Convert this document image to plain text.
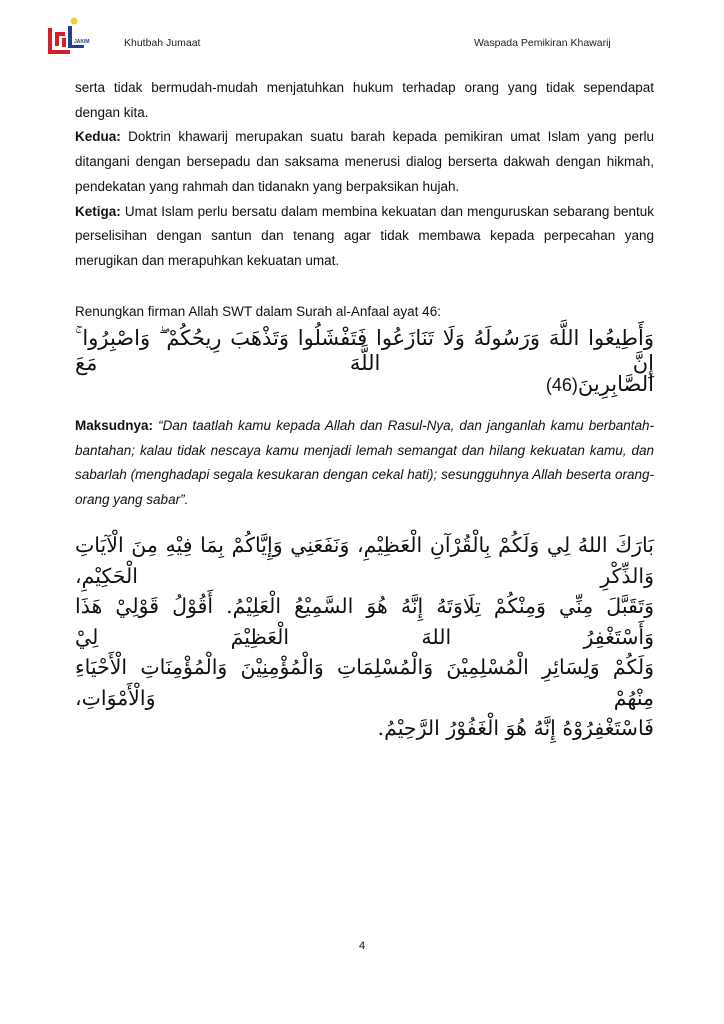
JAKIM	Khutbah Jumaat	Waspada Pemikiran Khawarij

serta tidak bermudah-mudah menjatuhkan hukum terhadap orang yang tidak sependapat dengan kita.

Kedua: Doktrin khawarij merupakan suatu barah kepada pemikiran umat Islam yang perlu ditangani dengan bersepadu dan saksama menerusi dialog berserta dakwah dengan hikmah, pendekatan yang rahmah dan tidanakn yang berpaksikan hujah.

Ketiga: Umat Islam perlu bersatu dalam membina kekuatan dan menguruskan sebarang bentuk perselisihan dengan santun dan tenang agar tidak membawa kepada perpecahan yang merugikan dan merapuhkan kekuatan umat.

Renungkan firman Allah SWT dalam Surah al-Anfaal ayat 46:
وَأَطِيعُوا اللَّهَ وَرَسُولَهُ وَلَا تَنَازَعُوا فَتَفْشَلُوا وَتَذْهَبَ رِيحُكُمْ ۖ وَاصْبِرُوا ۚ إِنَّ اللَّهَ مَعَ
الصَّابِرِينَ(46)
Maksudnya: “Dan taatlah kamu kepada Allah dan Rasul-Nya, dan janganlah kamu berbantah-bantahan; kalau tidak nescaya kamu menjadi lemah semangat dan hilang kekuatan kamu, dan sabarlah (menghadapi segala kesukaran dengan cekal hati); sesungguhnya Allah beserta orang-orang yang sabar”.
بَارَكَ اللهُ لِي وَلَكُمْ بِالْقُرْآنِ الْعَظِيْمِ، وَنَفَعَنِي وَإِيَّاكُمْ بِمَا فِيْهِ مِنَ الْآيَاتِ وَالذِّكْرِ الْحَكِيْمِ،
وَتَقَبَّلَ مِنِّي وَمِنْكُمْ تِلَاوَتَهُ إِنَّهُ هُوَ السَّمِيْعُ الْعَلِيْمُ. أَقُوْلُ قَوْلِيْ هَذَا وَأَسْتَغْفِرُ اللهَ الْعَظِيْمَ لِيْ
وَلَكُمْ وَلِسَائِرِ الْمُسْلِمِيْنَ وَالْمُسْلِمَاتِ وَالْمُؤْمِنِيْنَ وَالْمُؤْمِنَاتِ الْأَحْيَاءِ مِنْهُمْ وَالْأَمْوَاتِ،
فَاسْتَغْفِرُوْهُ إِنَّهُ هُوَ الْغَفُوْرُ الرَّحِيْمُ.
4
